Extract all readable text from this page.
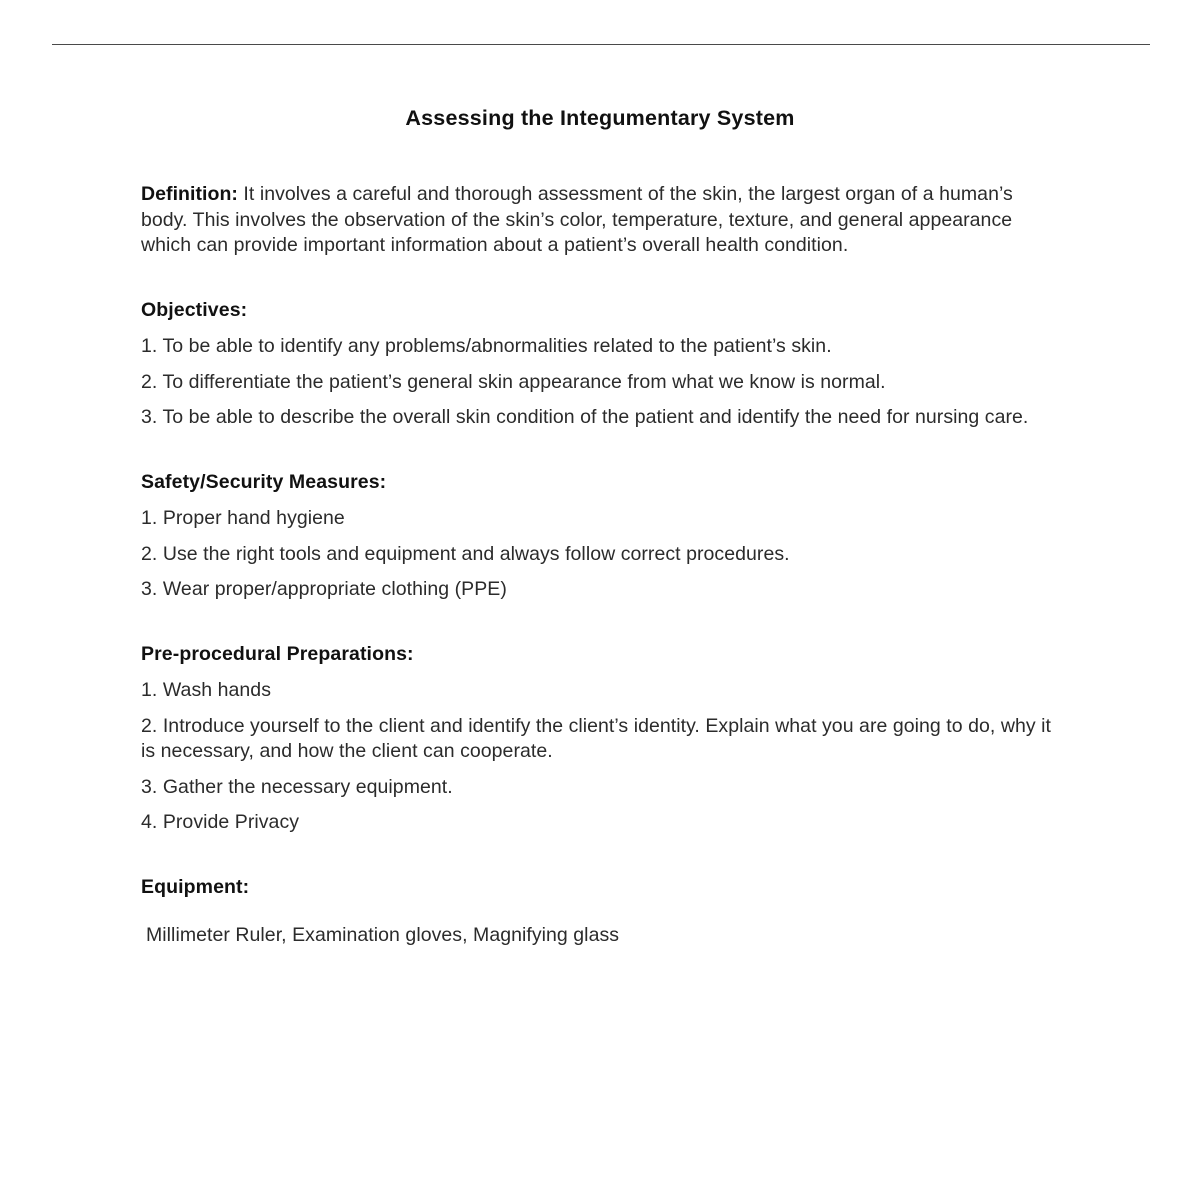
Assessing the Integumentary System

Definition: It involves a careful and thorough assessment of the skin, the largest organ of a human’s body. This involves the observation of the skin’s color, temperature, texture, and general appearance which can provide important information about a patient’s overall health condition.

Objectives:

1. To be able to identify any problems/abnormalities related to the patient’s skin.

2. To differentiate the patient’s general skin appearance from what we know is normal.

3. To be able to describe the overall skin condition of the patient and identify the need for nursing care.

Safety/Security Measures:

1. Proper hand hygiene

2. Use the right tools and equipment and always follow correct procedures.

3. Wear proper/appropriate clothing (PPE)

Pre-procedural Preparations:

1. Wash hands

2. Introduce yourself to the client and identify the client’s identity. Explain what you are going to do, why it is necessary, and how the client can cooperate.

3. Gather the necessary equipment.

4. Provide Privacy

Equipment:

Millimeter Ruler, Examination gloves, Magnifying glass
